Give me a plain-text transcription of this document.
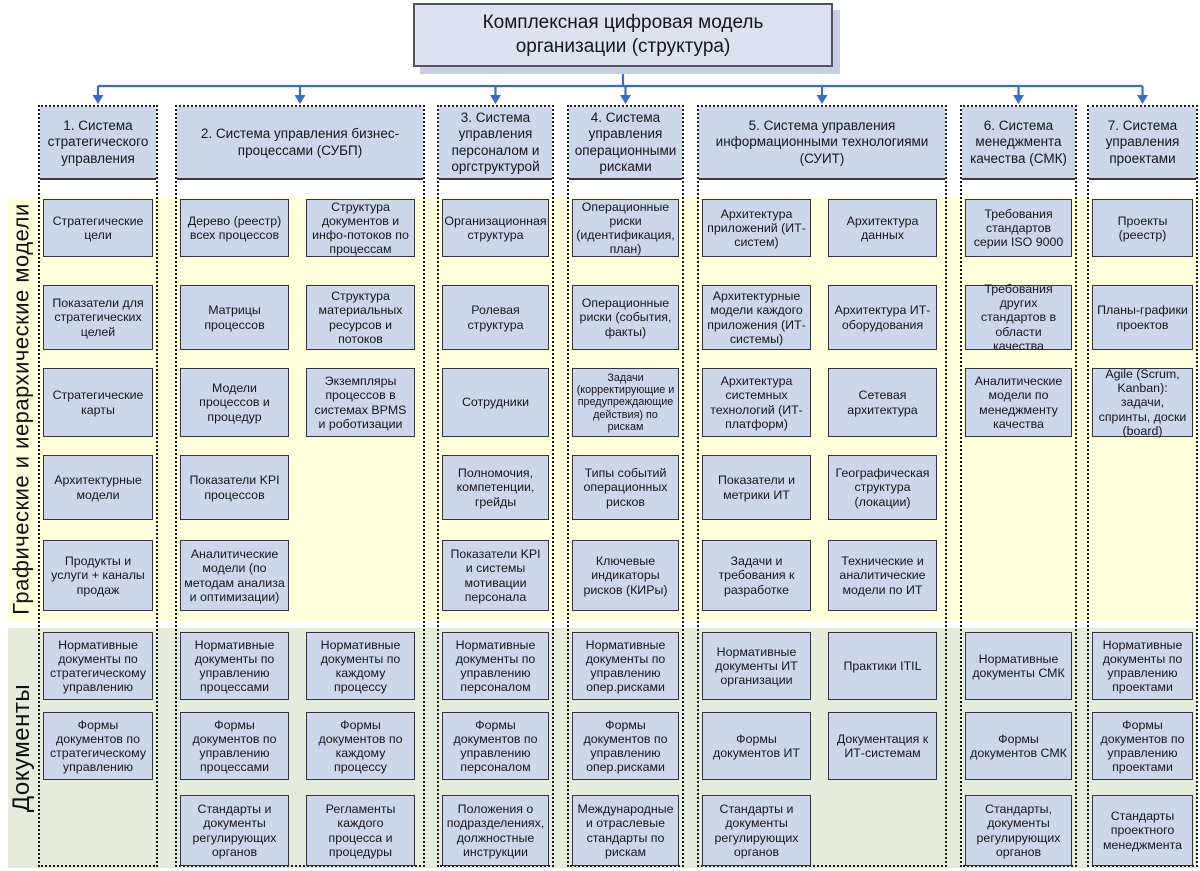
Графические и иерархические модели
Документы
Комплексная цифровая модель организации (структура)
1. Система стратегического управления
Стратегические цели
Показатели для стратегических целей
Стратегические карты
Архитектурные модели
Продукты и услуги + каналы продаж
Нормативные документы по стратегическому управлению
Формы документов по стратегическому управлению
2. Система управления бизнес-процессами (СУБП)
Дерево (реестр) всех процессов
Матрицы процессов
Модели процессов и процедур
Показатели KPI процессов
Аналитические модели (по методам анализа и оптимизации)
Нормативные документы по управлению процессами
Формы документов по управлению процессами
Стандарты и документы регулирующих органов
Структура документов и инфо-потоков по процессам
Структура материальных ресурсов и потоков
Экземпляры процессов в системах BPMS и роботизации
Нормативные документы по каждому процессу
Формы документов по каждому процессу
Регламенты каждого процесса и процедуры
3. Система управления персоналом и оргструктурой
Организационная структура
Ролевая структура
Сотрудники
Полномочия, компетенции, грейды
Показатели KPI и системы мотивации персонала
Нормативные документы по управлению персоналом
Формы документов по управлению персоналом
Положения о подразделениях, должностные инструкции
4. Система управления операционными рисками
Операционные риски (идентификация, план)
Операционные риски (события, факты)
Задачи (корректирующие и предупреждающие действия) по рискам
Типы событий операционных рисков
Ключевые индикаторы рисков (КИРы)
Нормативные документы по управлению опер.рисками
Формы документов по управлению опер.рисками
Международные и отраслевые стандарты по рискам
5. Система управления информационными технологиями (СУИТ)
Архитектура приложений (ИТ-систем)
Архитектурные модели каждого приложения (ИТ-системы)
Архитектура системных технологий (ИТ-платформ)
Показатели и метрики ИТ
Задачи и требования к разработке
Нормативные документы ИТ организации
Формы документов ИТ
Стандарты и документы регулирующих органов
Архитектура данных
Архитектура ИТ-оборудования
Сетевая архитектура
Географическая структура (локации)
Технические и аналитические модели по ИТ
Практики ITIL
Документация к ИТ-системам
6. Система менеджмента качества (СМК)
Требования стандартов серии ISO 9000
Требования других стандартов в области качества
Аналитические модели по менеджменту качества
Нормативные документы СМК
Формы документов СМК
Стандарты, документы регулирующих органов
7. Система управления проектами
Проекты (реестр)
Планы-графики проектов
Agile (Scrum, Kanban): задачи, спринты, доски (board)
Нормативные документы по управлению проектами
Формы документов по управлению проектами
Стандарты проектного менеджмента
